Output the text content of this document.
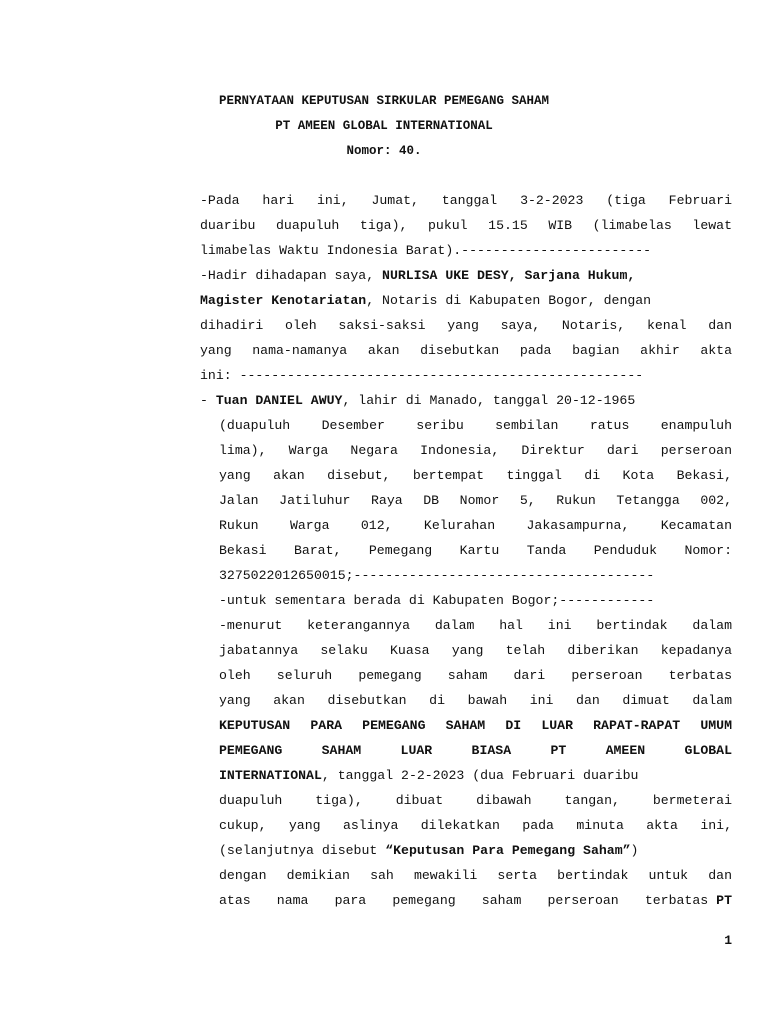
PERNYATAAN KEPUTUSAN SIRKULAR PEMEGANG SAHAM
PT AMEEN GLOBAL INTERNATIONAL
Nomor: 40.
-Pada hari ini, Jumat, tanggal 3-2-2023 (tiga Februari
duaribu duapuluh tiga), pukul 15.15 WIB (limabelas lewat
limabelas Waktu Indonesia Barat).------------------------
-Hadir dihadapan saya, NURLISA UKE DESY, Sarjana Hukum,
Magister Kenotariatan, Notaris di Kabupaten Bogor, dengan
dihadiri oleh saksi-saksi yang saya, Notaris, kenal dan
yang nama-namanya akan disebutkan pada bagian akhir akta
ini: ---------------------------------------------------
- Tuan DANIEL AWUY, lahir di Manado, tanggal 20-12-1965
(duapuluh Desember seribu sembilan ratus enampuluh
lima), Warga Negara Indonesia, Direktur dari perseroan
yang akan disebut, bertempat tinggal di Kota Bekasi,
Jalan Jatiluhur Raya DB Nomor 5, Rukun Tetangga 002,
Rukun Warga 012, Kelurahan Jakasampurna, Kecamatan
Bekasi Barat, Pemegang Kartu Tanda Penduduk Nomor:
3275022012650015;--------------------------------------
-untuk sementara berada di Kabupaten Bogor;------------
-menurut keterangannya dalam hal ini bertindak dalam
jabatannya selaku Kuasa yang telah diberikan kepadanya
oleh seluruh pemegang saham dari perseroan terbatas
yang akan disebutkan di bawah ini dan dimuat dalam
KEPUTUSAN PARA PEMEGANG SAHAM DI LUAR RAPAT-RAPAT UMUM
PEMEGANG SAHAM LUAR BIASA PT AMEEN GLOBAL
INTERNATIONAL, tanggal 2-2-2023 (dua Februari duaribu
duapuluh tiga), dibuat dibawah tangan, bermeterai
cukup, yang aslinya dilekatkan pada minuta akta ini,
(selanjutnya disebut “Keputusan Para Pemegang Saham”)
dengan demikian sah mewakili serta bertindak untuk dan
atas nama para pemegang saham perseroan terbatas PT
1
